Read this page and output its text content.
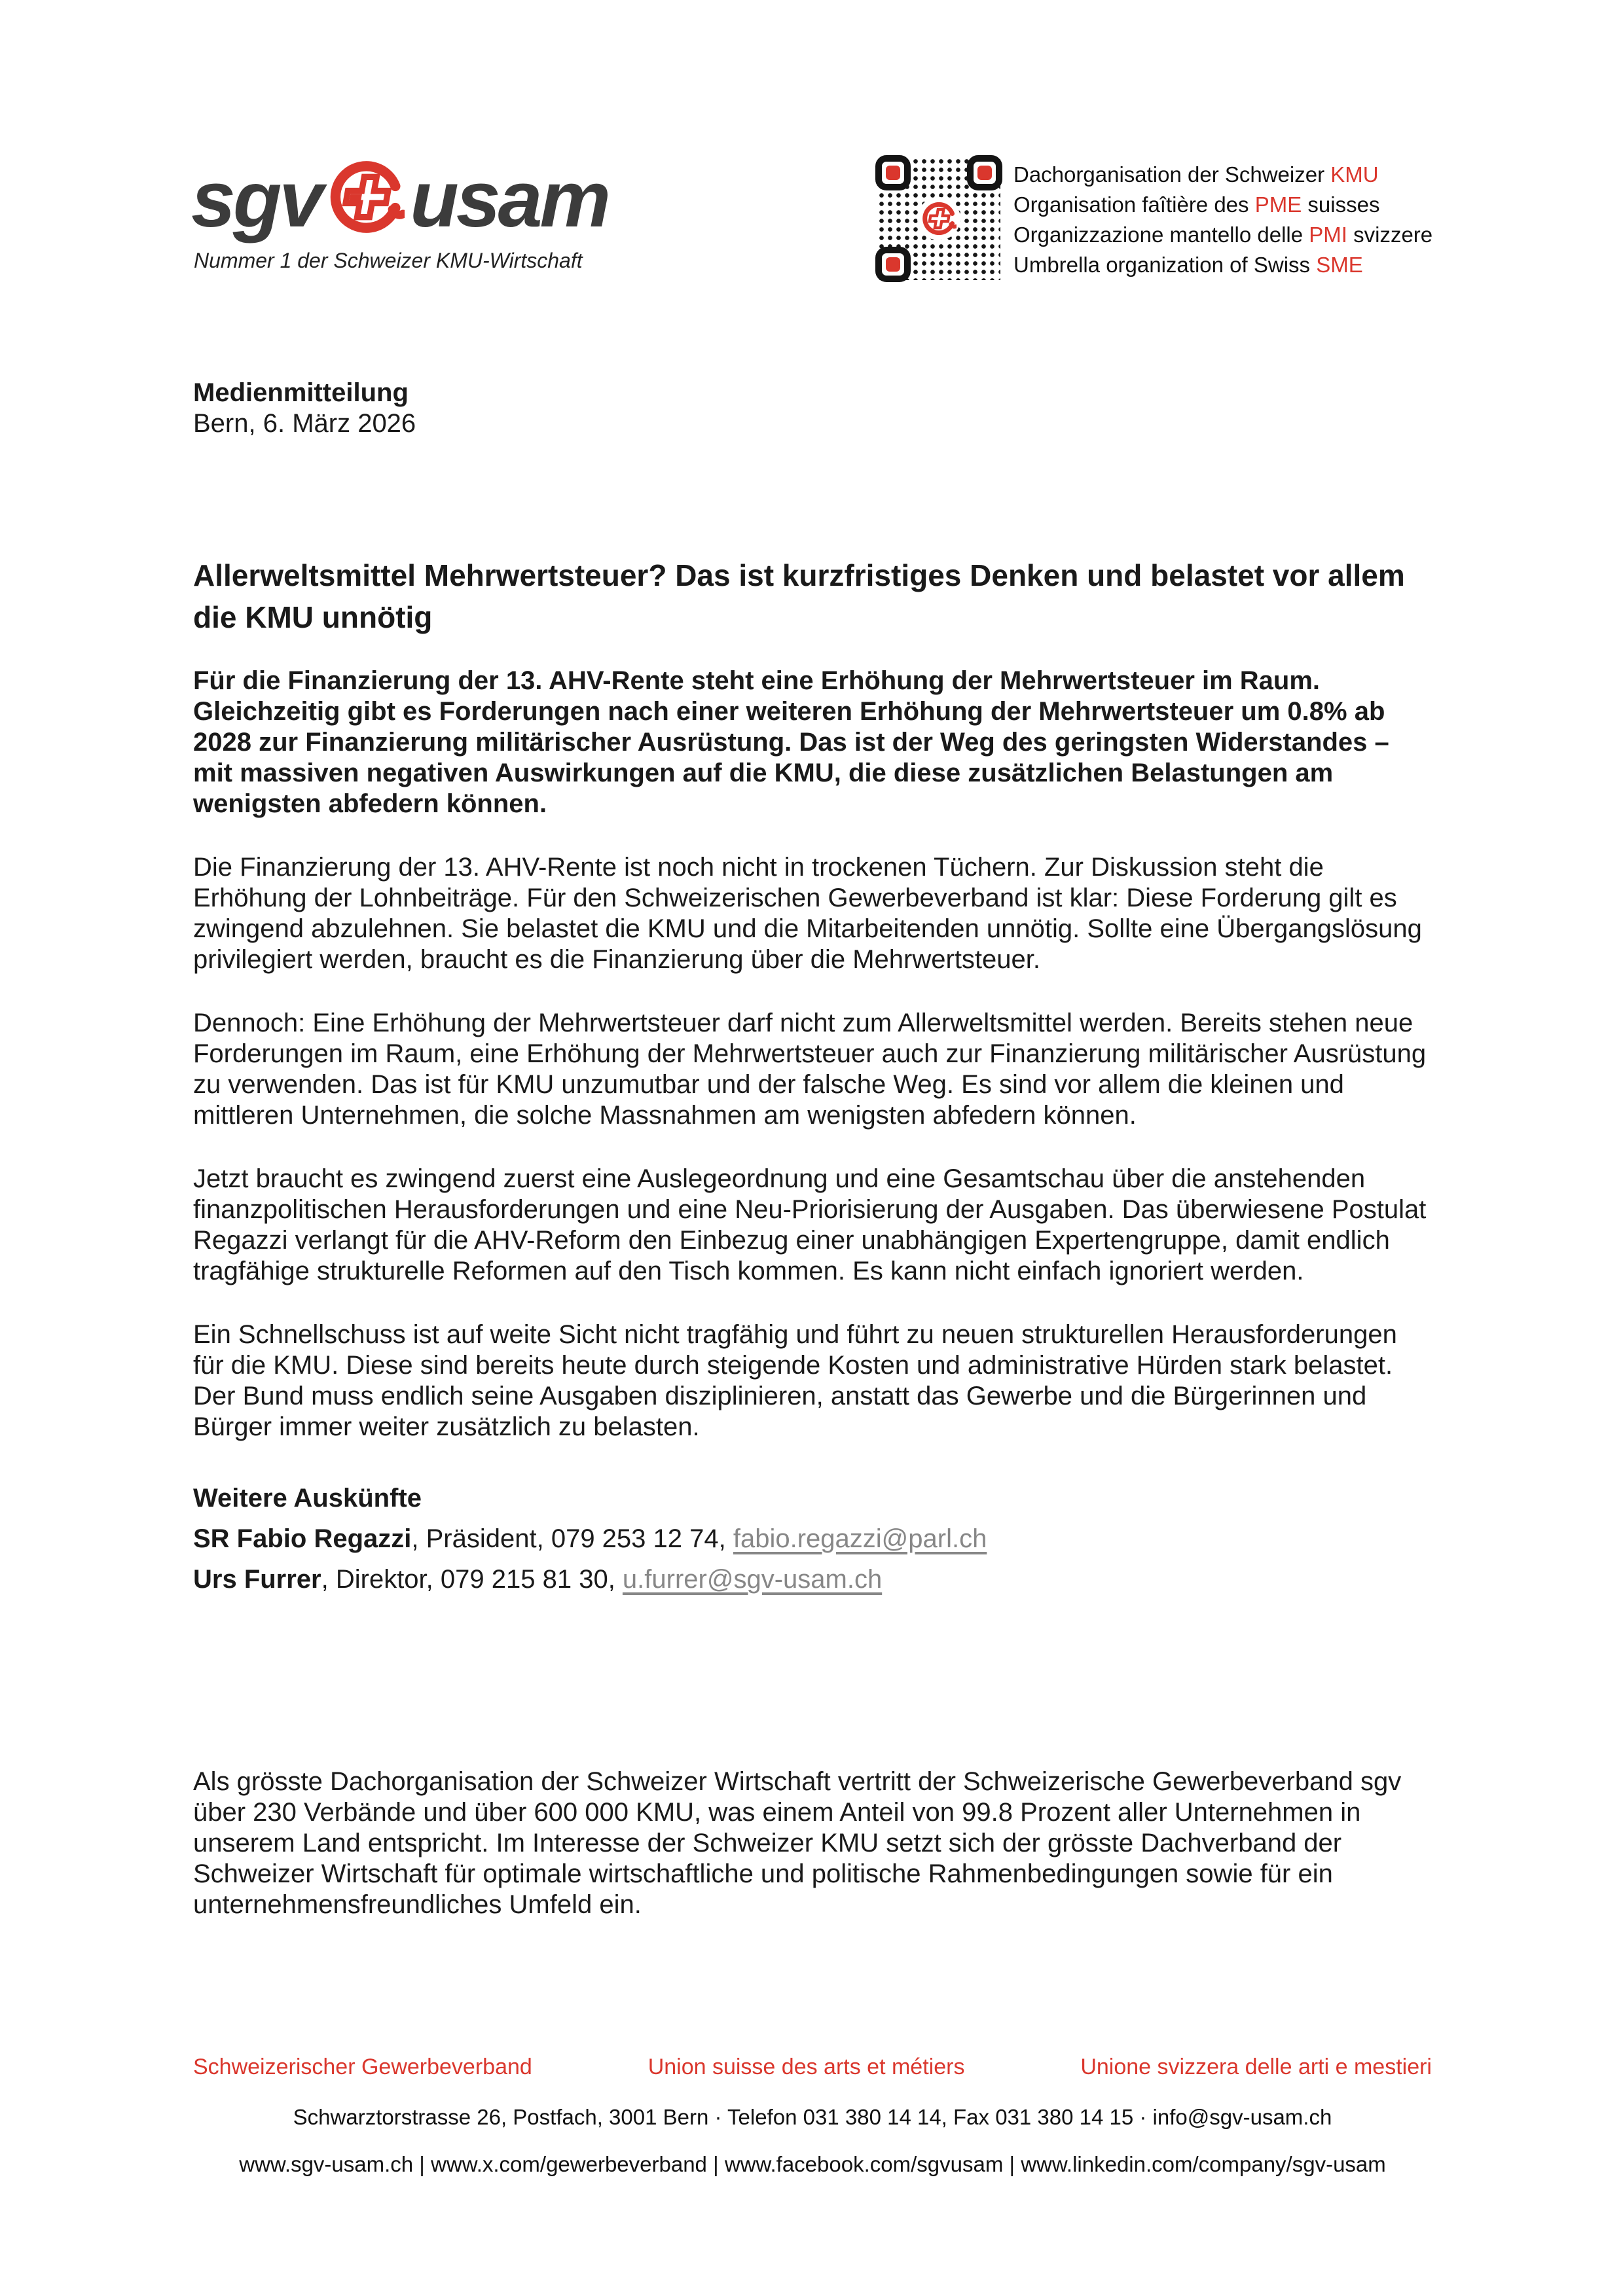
sgv usam
Nummer 1 der Schweizer KMU-Wirtschaft
Dachorganisation der Schweizer KMU
Organisation faîtière des PME suisses
Organizzazione mantello delle PMI svizzere
Umbrella organization of Swiss SME
Medienmitteilung
Bern, 6. März 2026
Allerweltsmittel Mehrwertsteuer? Das ist kurzfristiges Denken und belastet vor allem die KMU unnötig

Für die Finanzierung der 13. AHV-Rente steht eine Erhöhung der Mehrwertsteuer im Raum. Gleichzeitig gibt es Forderungen nach einer weiteren Erhöhung der Mehrwertsteuer um 0.8% ab 2028 zur Finanzierung militärischer Ausrüstung. Das ist der Weg des geringsten Widerstandes – mit massiven negativen Auswirkungen auf die KMU, die diese zusätzlichen Belastungen am wenigsten abfedern können.

Die Finanzierung der 13. AHV-Rente ist noch nicht in trockenen Tüchern. Zur Diskussion steht die Erhöhung der Lohnbeiträge. Für den Schweizerischen Gewerbeverband ist klar: Diese Forderung gilt es zwingend abzulehnen. Sie belastet die KMU und die Mitarbeitenden unnötig. Sollte eine Übergangslösung privilegiert werden, braucht es die Finanzierung über die Mehrwertsteuer.

Dennoch: Eine Erhöhung der Mehrwertsteuer darf nicht zum Allerweltsmittel werden. Bereits stehen neue Forderungen im Raum, eine Erhöhung der Mehrwertsteuer auch zur Finanzierung militärischer Ausrüstung zu verwenden. Das ist für KMU unzumutbar und der falsche Weg. Es sind vor allem die kleinen und mittleren Unternehmen, die solche Massnahmen am wenigsten abfedern können.

Jetzt braucht es zwingend zuerst eine Auslegeordnung und eine Gesamtschau über die anstehenden finanzpolitischen Herausforderungen und eine Neu-Priorisierung der Ausgaben. Das überwiesene Postulat Regazzi verlangt für die AHV-Reform den Einbezug einer unabhängigen Expertengruppe, damit endlich tragfähige strukturelle Reformen auf den Tisch kommen. Es kann nicht einfach ignoriert werden.

Ein Schnellschuss ist auf weite Sicht nicht tragfähig und führt zu neuen strukturellen Herausforderungen für die KMU. Diese sind bereits heute durch steigende Kosten und administrative Hürden stark belastet. Der Bund muss endlich seine Ausgaben disziplinieren, anstatt das Gewerbe und die Bürgerinnen und Bürger immer weiter zusätzlich zu belasten.

Weitere Auskünfte

SR Fabio Regazzi, Präsident, 079 253 12 74, fabio.regazzi@parl.ch

Urs Furrer, Direktor, 079 215 81 30, u.furrer@sgv-usam.ch

Als grösste Dachorganisation der Schweizer Wirtschaft vertritt der Schweizerische Gewerbeverband sgv über 230 Verbände und über 600 000 KMU, was einem Anteil von 99.8 Prozent aller Unternehmen in unserem Land entspricht. Im Interesse der Schweizer KMU setzt sich der grösste Dachverband der Schweizer Wirtschaft für optimale wirtschaftliche und politische Rahmenbedingungen sowie für ein unternehmensfreundliches Umfeld ein.

Schweizerischer Gewerbeverband	Union suisse des arts et métiers	Unione svizzera delle arti e mestieri
Schwarztorstrasse 26, Postfach, 3001 Bern · Telefon 031 380 14 14, Fax 031 380 14 15 · info@sgv-usam.ch
www.sgv-usam.ch | www.x.com/gewerbeverband | www.facebook.com/sgvusam | www.linkedin.com/company/sgv-usam
